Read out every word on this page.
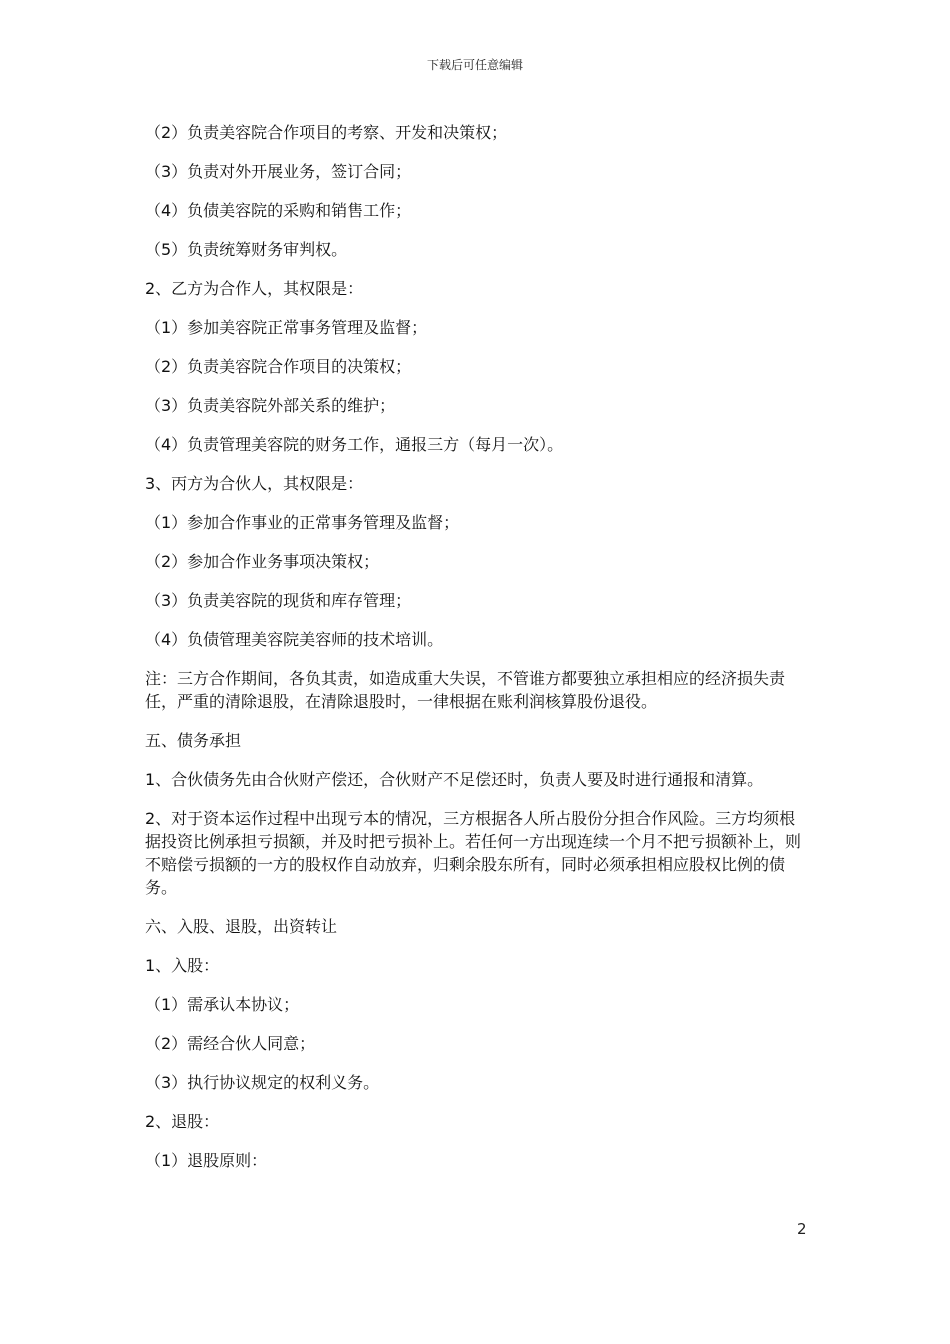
下载后可任意编辑

（2）负责美容院合作项目的考察、开发和决策权；

（3）负责对外开展业务，签订合同；

（4）负债美容院的采购和销售工作；

（5）负责统筹财务审判权。

2、乙方为合作人，其权限是：

（1）参加美容院正常事务管理及监督；

（2）负责美容院合作项目的决策权；

（3）负责美容院外部关系的维护；

（4）负责管理美容院的财务工作，通报三方（每月一次）。

3、丙方为合伙人，其权限是：

（1）参加合作事业的正常事务管理及监督；

（2）参加合作业务事项决策权；

（3）负责美容院的现货和库存管理；

（4）负债管理美容院美容师的技术培训。

注：三方合作期间，各负其责，如造成重大失误，不管谁方都要独立承担相应的经济损失责任，严重的清除退股，在清除退股时，一律根据在账利润核算股份退役。

五、债务承担

1、合伙债务先由合伙财产偿还，合伙财产不足偿还时，负责人要及时进行通报和清算。

2、对于资本运作过程中出现亏本的情况，三方根据各人所占股份分担合作风险。三方均须根据投资比例承担亏损额，并及时把亏损补上。若任何一方出现连续一个月不把亏损额补上，则不赔偿亏损额的一方的股权作自动放弃，归剩余股东所有，同时必须承担相应股权比例的债务。

六、入股、退股，出资转让

1、入股：

（1）需承认本协议；

（2）需经合伙人同意；

（3）执行协议规定的权利义务。

2、退股：

（1）退股原则：

2
